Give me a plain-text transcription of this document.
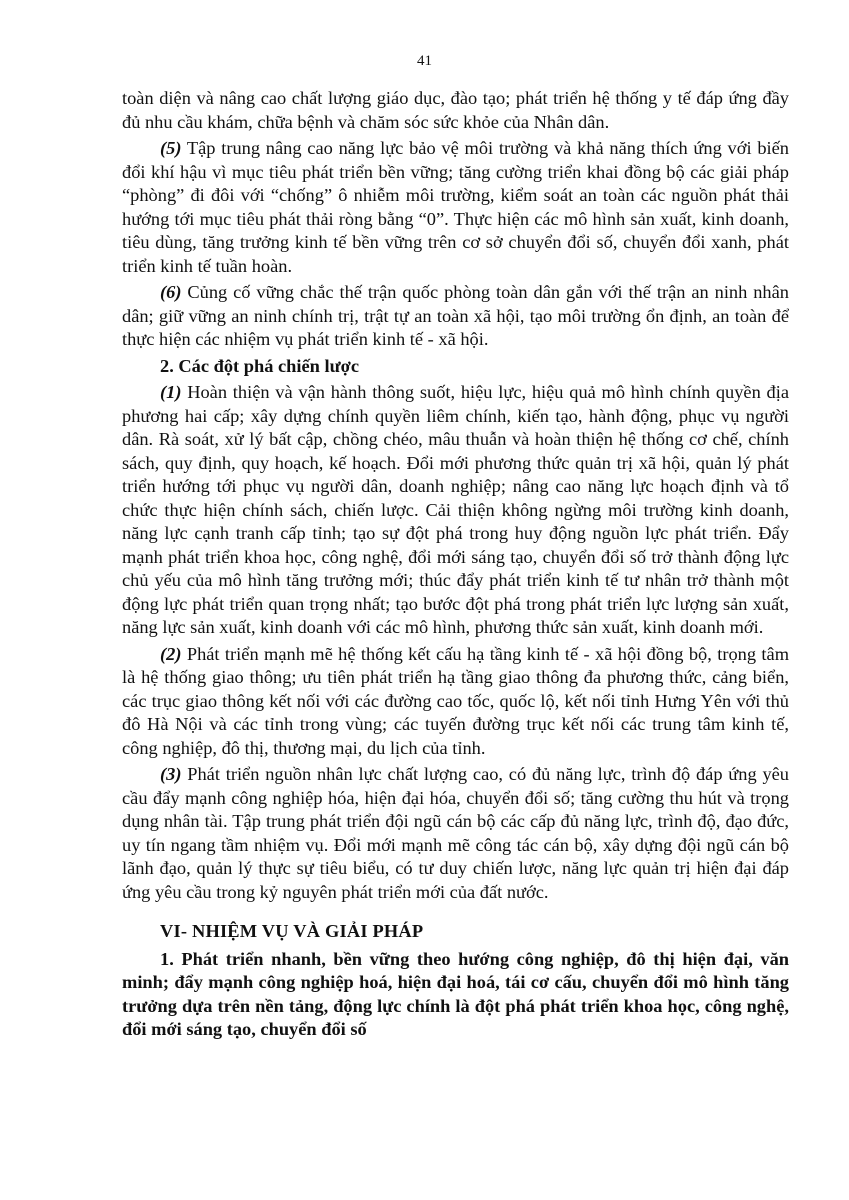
41

toàn diện và nâng cao chất lượng giáo dục, đào tạo; phát triển hệ thống y tế đáp ứng đầy đủ nhu cầu khám, chữa bệnh và chăm sóc sức khỏe của Nhân dân.

(5) Tập trung nâng cao năng lực bảo vệ môi trường và khả năng thích ứng với biến đổi khí hậu vì mục tiêu phát triển bền vững; tăng cường triển khai đồng bộ các giải pháp “phòng” đi đôi với “chống” ô nhiễm môi trường, kiểm soát an toàn các nguồn phát thải hướng tới mục tiêu phát thải ròng bằng “0”. Thực hiện các mô hình sản xuất, kinh doanh, tiêu dùng, tăng trưởng kinh tế bền vững trên cơ sở chuyển đổi số, chuyển đổi xanh, phát triển kinh tế tuần hoàn.

(6) Củng cố vững chắc thế trận quốc phòng toàn dân gắn với thế trận an ninh nhân dân; giữ vững an ninh chính trị, trật tự an toàn xã hội, tạo môi trường ổn định, an toàn để thực hiện các nhiệm vụ phát triển kinh tế - xã hội.

2. Các đột phá chiến lược

(1) Hoàn thiện và vận hành thông suốt, hiệu lực, hiệu quả mô hình chính quyền địa phương hai cấp; xây dựng chính quyền liêm chính, kiến tạo, hành động, phục vụ người dân. Rà soát, xử lý bất cập, chồng chéo, mâu thuẫn và hoàn thiện hệ thống cơ chế, chính sách, quy định, quy hoạch, kế hoạch. Đổi mới phương thức quản trị xã hội, quản lý phát triển hướng tới phục vụ người dân, doanh nghiệp; nâng cao năng lực hoạch định và tổ chức thực hiện chính sách, chiến lược. Cải thiện không ngừng môi trường kinh doanh, năng lực cạnh tranh cấp tỉnh; tạo sự đột phá trong huy động nguồn lực phát triển. Đẩy mạnh phát triển khoa học, công nghệ, đổi mới sáng tạo, chuyển đổi số trở thành động lực chủ yếu của mô hình tăng trưởng mới; thúc đẩy phát triển kinh tế tư nhân trở thành một động lực phát triển quan trọng nhất; tạo bước đột phá trong phát triển lực lượng sản xuất, năng lực sản xuất, kinh doanh với các mô hình, phương thức sản xuất, kinh doanh mới.

(2) Phát triển mạnh mẽ hệ thống kết cấu hạ tầng kinh tế - xã hội đồng bộ, trọng tâm là hệ thống giao thông; ưu tiên phát triển hạ tầng giao thông đa phương thức, cảng biển, các trục giao thông kết nối với các đường cao tốc, quốc lộ, kết nối tỉnh Hưng Yên với thủ đô Hà Nội và các tỉnh trong vùng; các tuyến đường trục kết nối các trung tâm kinh tế, công nghiệp, đô thị, thương mại, du lịch của tỉnh.

(3) Phát triển nguồn nhân lực chất lượng cao, có đủ năng lực, trình độ đáp ứng yêu cầu đẩy mạnh công nghiệp hóa, hiện đại hóa, chuyển đổi số; tăng cường thu hút và trọng dụng nhân tài. Tập trung phát triển đội ngũ cán bộ các cấp đủ năng lực, trình độ, đạo đức, uy tín ngang tầm nhiệm vụ. Đổi mới mạnh mẽ công tác cán bộ, xây dựng đội ngũ cán bộ lãnh đạo, quản lý thực sự tiêu biểu, có tư duy chiến lược, năng lực quản trị hiện đại đáp ứng yêu cầu trong kỷ nguyên phát triển mới của đất nước.

VI- NHIỆM VỤ VÀ GIẢI PHÁP

1. Phát triển nhanh, bền vững theo hướng công nghiệp, đô thị hiện đại, văn minh; đẩy mạnh công nghiệp hoá, hiện đại hoá, tái cơ cấu, chuyển đổi mô hình tăng trưởng dựa trên nền tảng, động lực chính là đột phá phát triển khoa học, công nghệ, đổi mới sáng tạo, chuyển đổi số
